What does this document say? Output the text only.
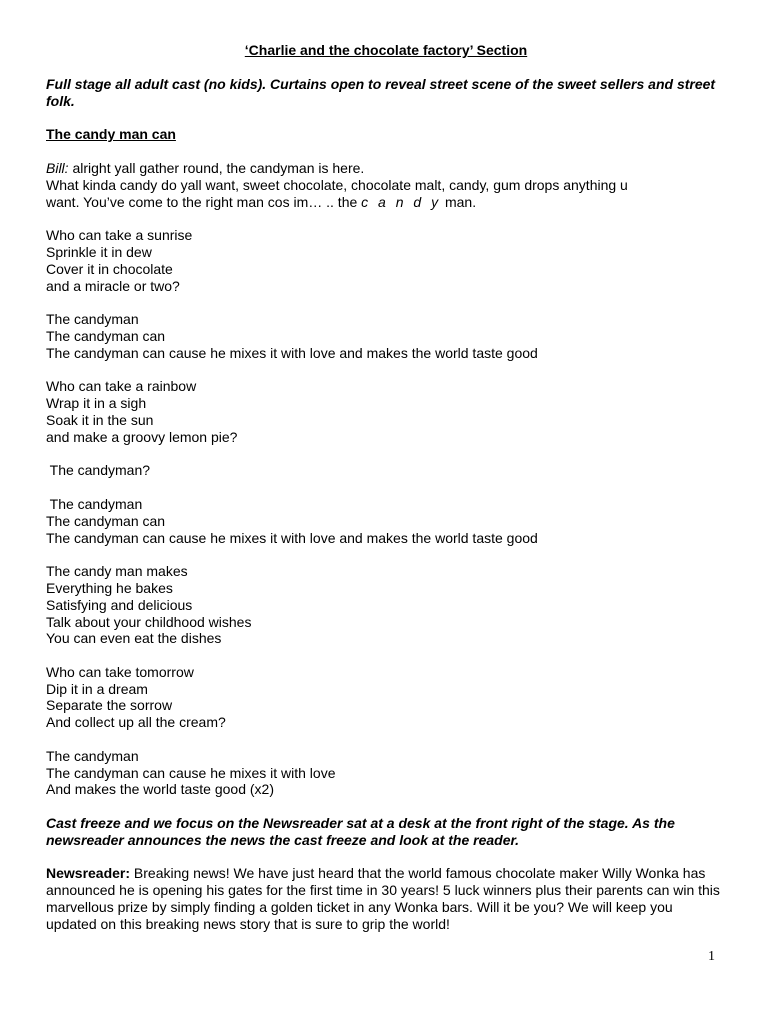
‘Charlie and the chocolate factory’ Section

Full stage all adult cast (no kids). Curtains open to reveal street scene of the sweet sellers and street folk.

The candy man can

Bill: alright yall gather round, the candyman is here.
What kinda candy do yall want, sweet chocolate, chocolate malt, candy, gum drops anything u
want. You’ve come to the right man cos im… .. the c a n d y man.
Who can take a sunrise
Sprinkle it in dew
Cover it in chocolate
and a miracle or two?
The candyman
The candyman can
The candyman can cause he mixes it with love and makes the world taste good
Who can take a rainbow
Wrap it in a sigh
Soak it in the sun
and make a groovy lemon pie?
The candyman?
The candyman
The candyman can
The candyman can cause he mixes it with love and makes the world taste good
The candy man makes
Everything he bakes
Satisfying and delicious
Talk about your childhood wishes
You can even eat the dishes
Who can take tomorrow
Dip it in a dream
Separate the sorrow
And collect up all the cream?
The candyman
The candyman can cause he mixes it with love
And makes the world taste good (x2)

Cast freeze and we focus on the Newsreader sat at a desk at the front right of the stage. As the newsreader announces the news the cast freeze and look at the reader.

Newsreader: Breaking news! We have just heard that the world famous chocolate maker Willy Wonka has announced he is opening his gates for the first time in 30 years! 5 luck winners plus their parents can win this marvellous prize by simply finding a golden ticket in any Wonka bars. Will it be you? We will keep you updated on this breaking news story that is sure to grip the world!

1
